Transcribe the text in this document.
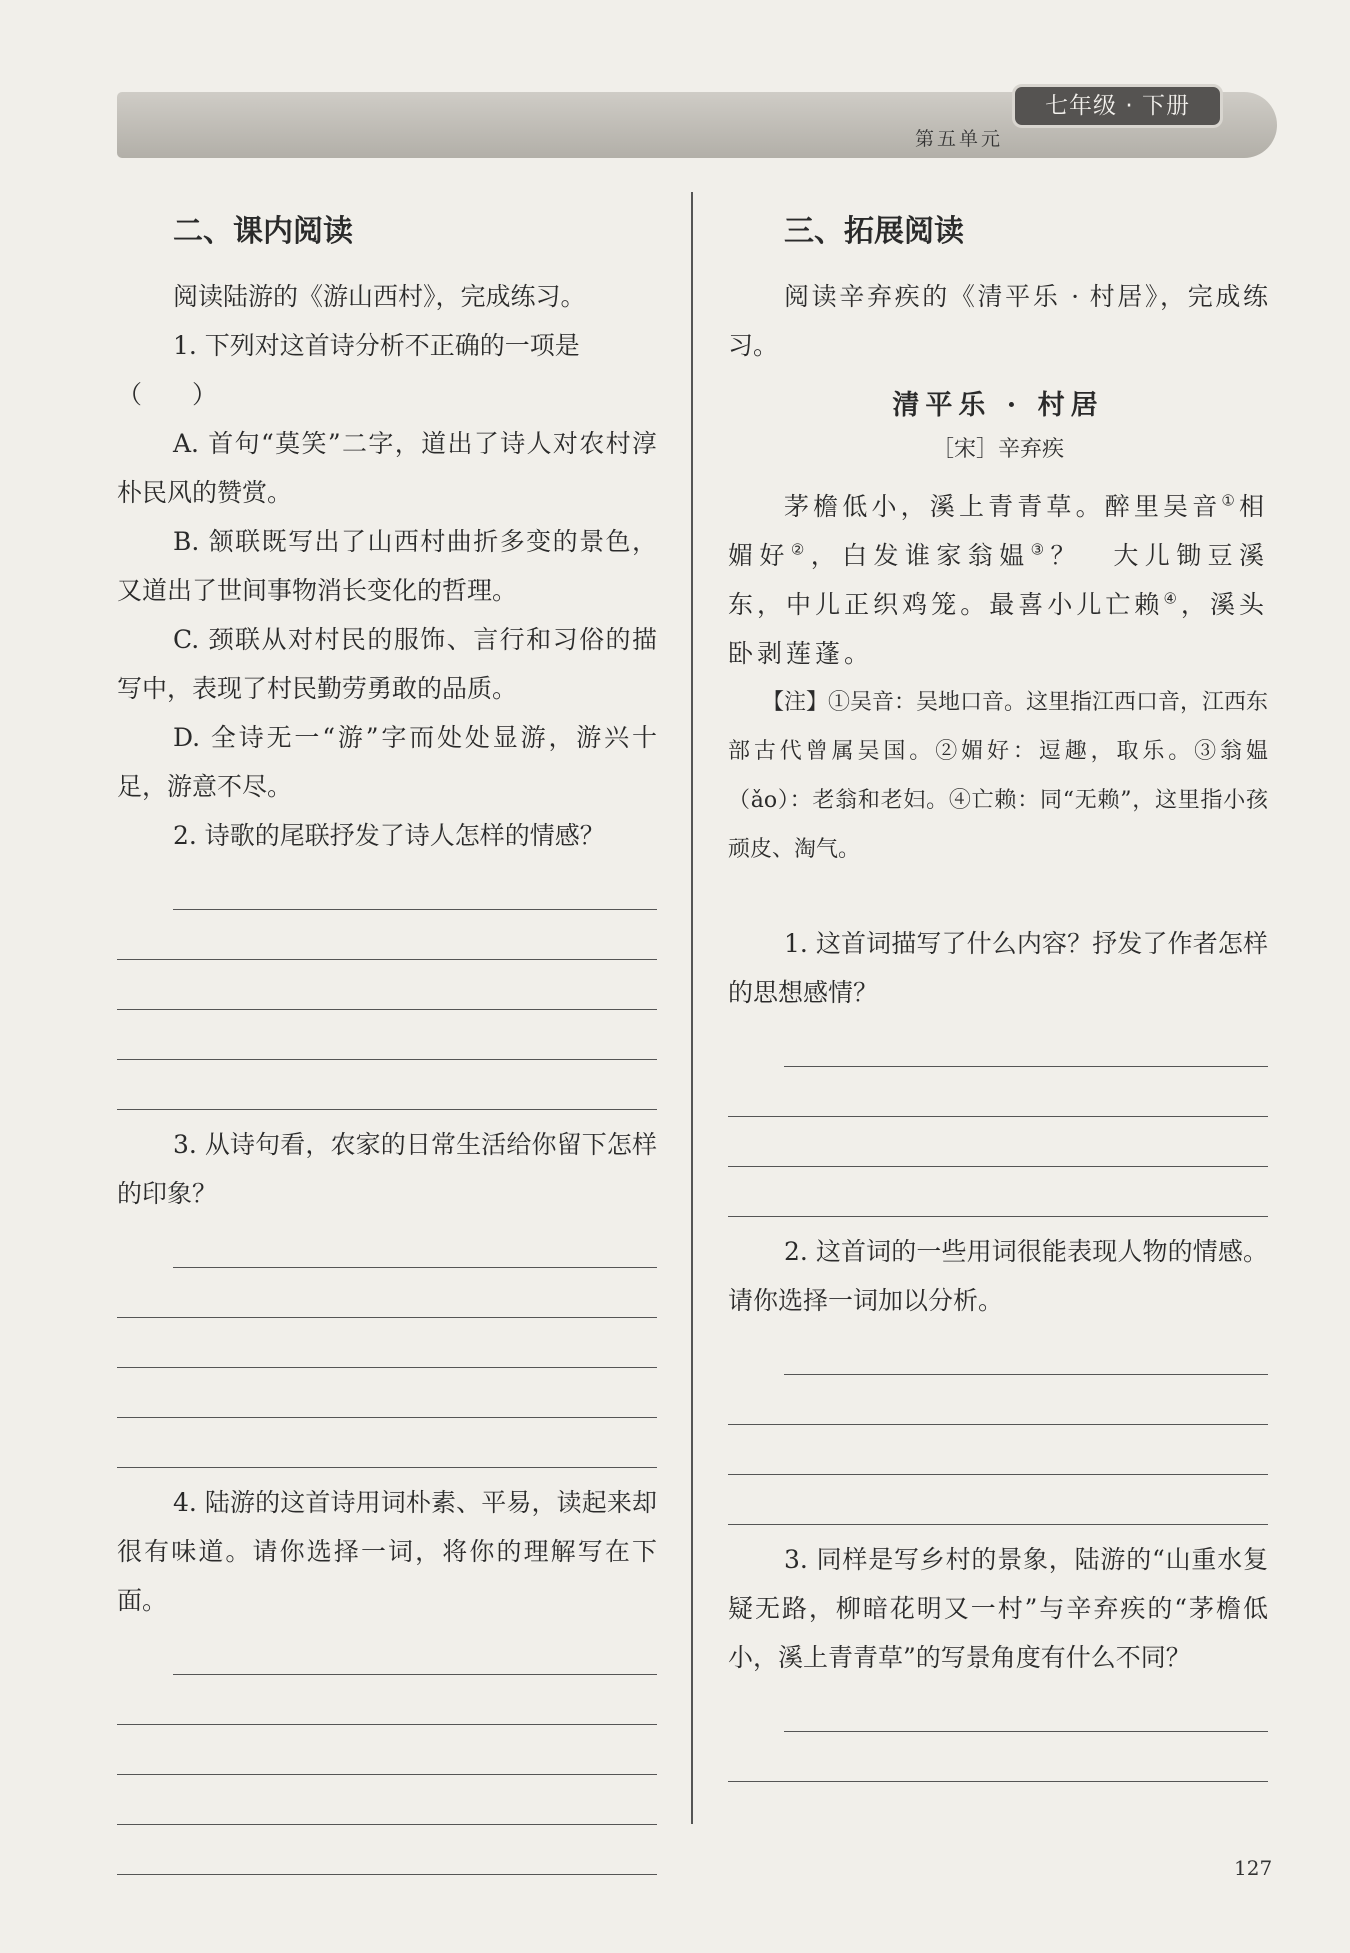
七年级 · 下册
第五单元
二、课内阅读

阅读陆游的《游山西村》，完成练习。

1. 下列对这首诗分析不正确的一项是

（　　）

A. 首句“莫笑”二字，道出了诗人对农村淳朴民风的赞赏。

B. 颔联既写出了山西村曲折多变的景色，又道出了世间事物消长变化的哲理。

C. 颈联从对村民的服饰、言行和习俗的描写中，表现了村民勤劳勇敢的品质。

D. 全诗无一“游”字而处处显游，游兴十足，游意不尽。

2. 诗歌的尾联抒发了诗人怎样的情感？

3. 从诗句看，农家的日常生活给你留下怎样的印象？

4. 陆游的这首诗用词朴素、平易，读起来却很有味道。请你选择一词，将你的理解写在下面。

三、拓展阅读

阅读辛弃疾的《清平乐 · 村居》，完成练习。

清平乐 · 村居
［宋］辛弃疾

茅檐低小，溪上青青草。醉里吴音①相媚好②，白发谁家翁媪③？　大儿锄豆溪东，中儿正织鸡笼。最喜小儿亡赖④，溪头卧剥莲蓬。

【注】①吴音：吴地口音。这里指江西口音，江西东部古代曾属吴国。②媚好：逗趣，取乐。③翁媪（ǎo）：老翁和老妇。④亡赖：同“无赖”，这里指小孩顽皮、淘气。

1. 这首词描写了什么内容？抒发了作者怎样的思想感情？

2. 这首词的一些用词很能表现人物的情感。请你选择一词加以分析。

3. 同样是写乡村的景象，陆游的“山重水复疑无路，柳暗花明又一村”与辛弃疾的“茅檐低小，溪上青青草”的写景角度有什么不同？

127
